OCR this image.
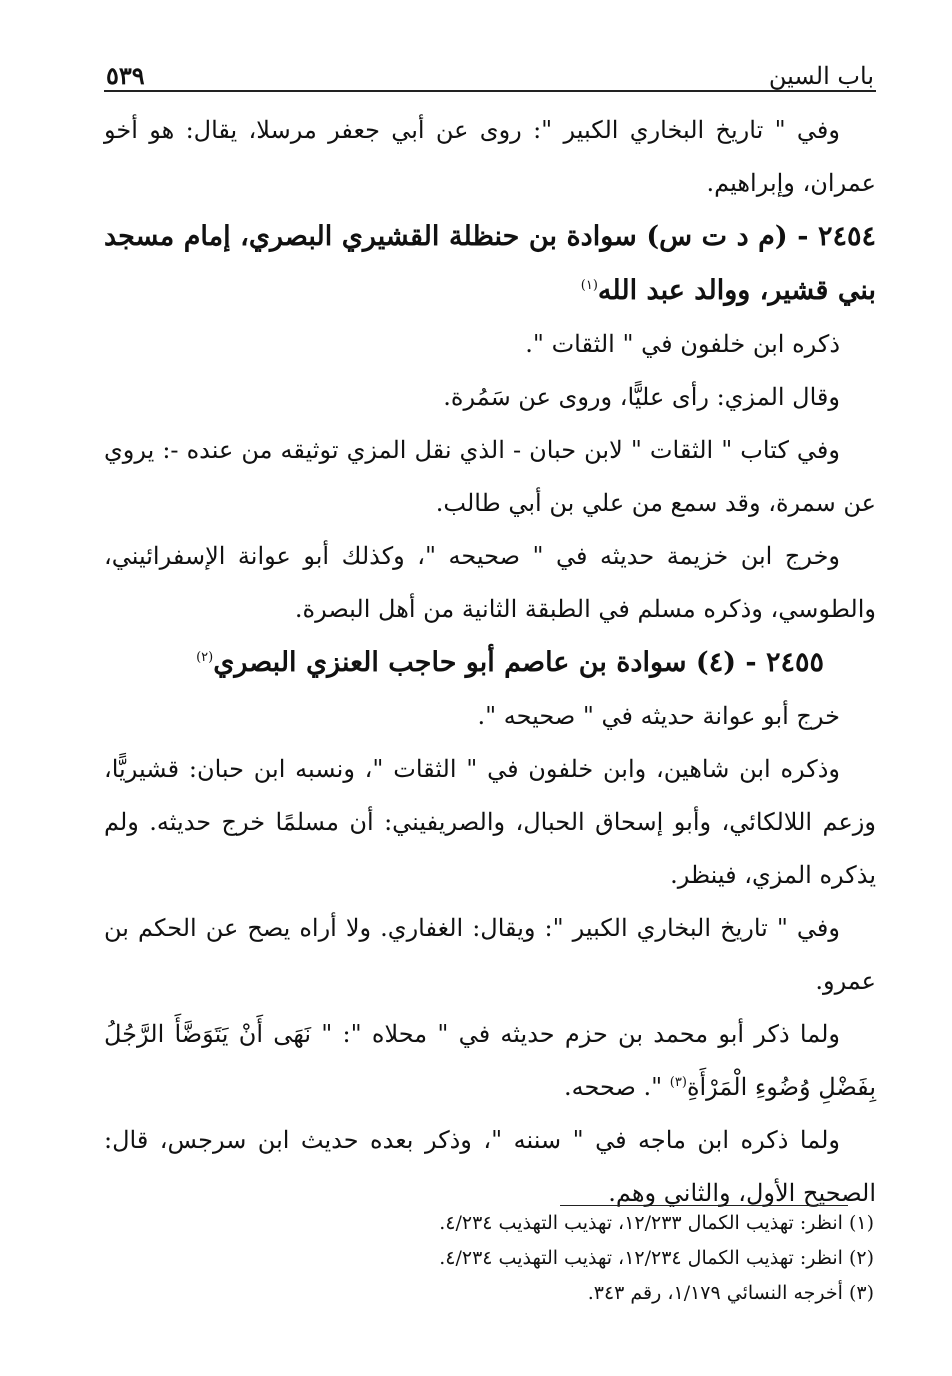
باب السين
٥٣٩

وفي " تاريخ البخاري الكبير ": روى عن أبي جعفر مرسلا، يقال: هو أخو عمران، وإبراهيم.

٢٤٥٤ - (م د ت س) سوادة بن حنظلة القشيري البصري، إمام مسجد بني قشير، ووالد عبد الله$^{(١)}$

ذكره ابن خلفون في " الثقات ".

وقال المزي: رأى عليًّا، وروى عن سَمُرة.

وفي كتاب " الثقات " لابن حبان - الذي نقل المزي توثيقه من عنده -: يروي عن سمرة، وقد سمع من علي بن أبي طالب.

وخرج ابن خزيمة حديثه في " صحيحه "، وكذلك أبو عوانة الإسفرائيني، والطوسي، وذكره مسلم في الطبقة الثانية من أهل البصرة.

٢٤٥٥ - (٤) سوادة بن عاصم أبو حاجب العنزي البصري$^{(٢)}$

خرج أبو عوانة حديثه في " صحيحه ".

وذكره ابن شاهين، وابن خلفون في " الثقات "، ونسبه ابن حبان: قشيريًّا، وزعم اللالكائي، وأبو إسحاق الحبال، والصريفيني: أن مسلمًا خرج حديثه. ولم يذكره المزي، فينظر.

وفي " تاريخ البخاري الكبير ": ويقال: الغفاري. ولا أراه يصح عن الحكم بن عمرو.

ولما ذكر أبو محمد بن حزم حديثه في " محلاه ": " نَهَى أَنْ يَتَوَضَّأَ الرَّجُلُ بِفَضْلِ وُضُوءِ الْمَرْأَةِ$^{(٣)}$ ". صححه.

ولما ذكره ابن ماجه في " سننه "، وذكر بعده حديث ابن سرجس، قال: الصحيح الأول، والثاني وهم.

(١) انظر: تهذيب الكمال ١٢/٢٣٣، تهذيب التهذيب ٤/٢٣٤.
(٢) انظر: تهذيب الكمال ١٢/٢٣٤، تهذيب التهذيب ٤/٢٣٤.
(٣) أخرجه النسائي ١/١٧٩، رقم ٣٤٣.
